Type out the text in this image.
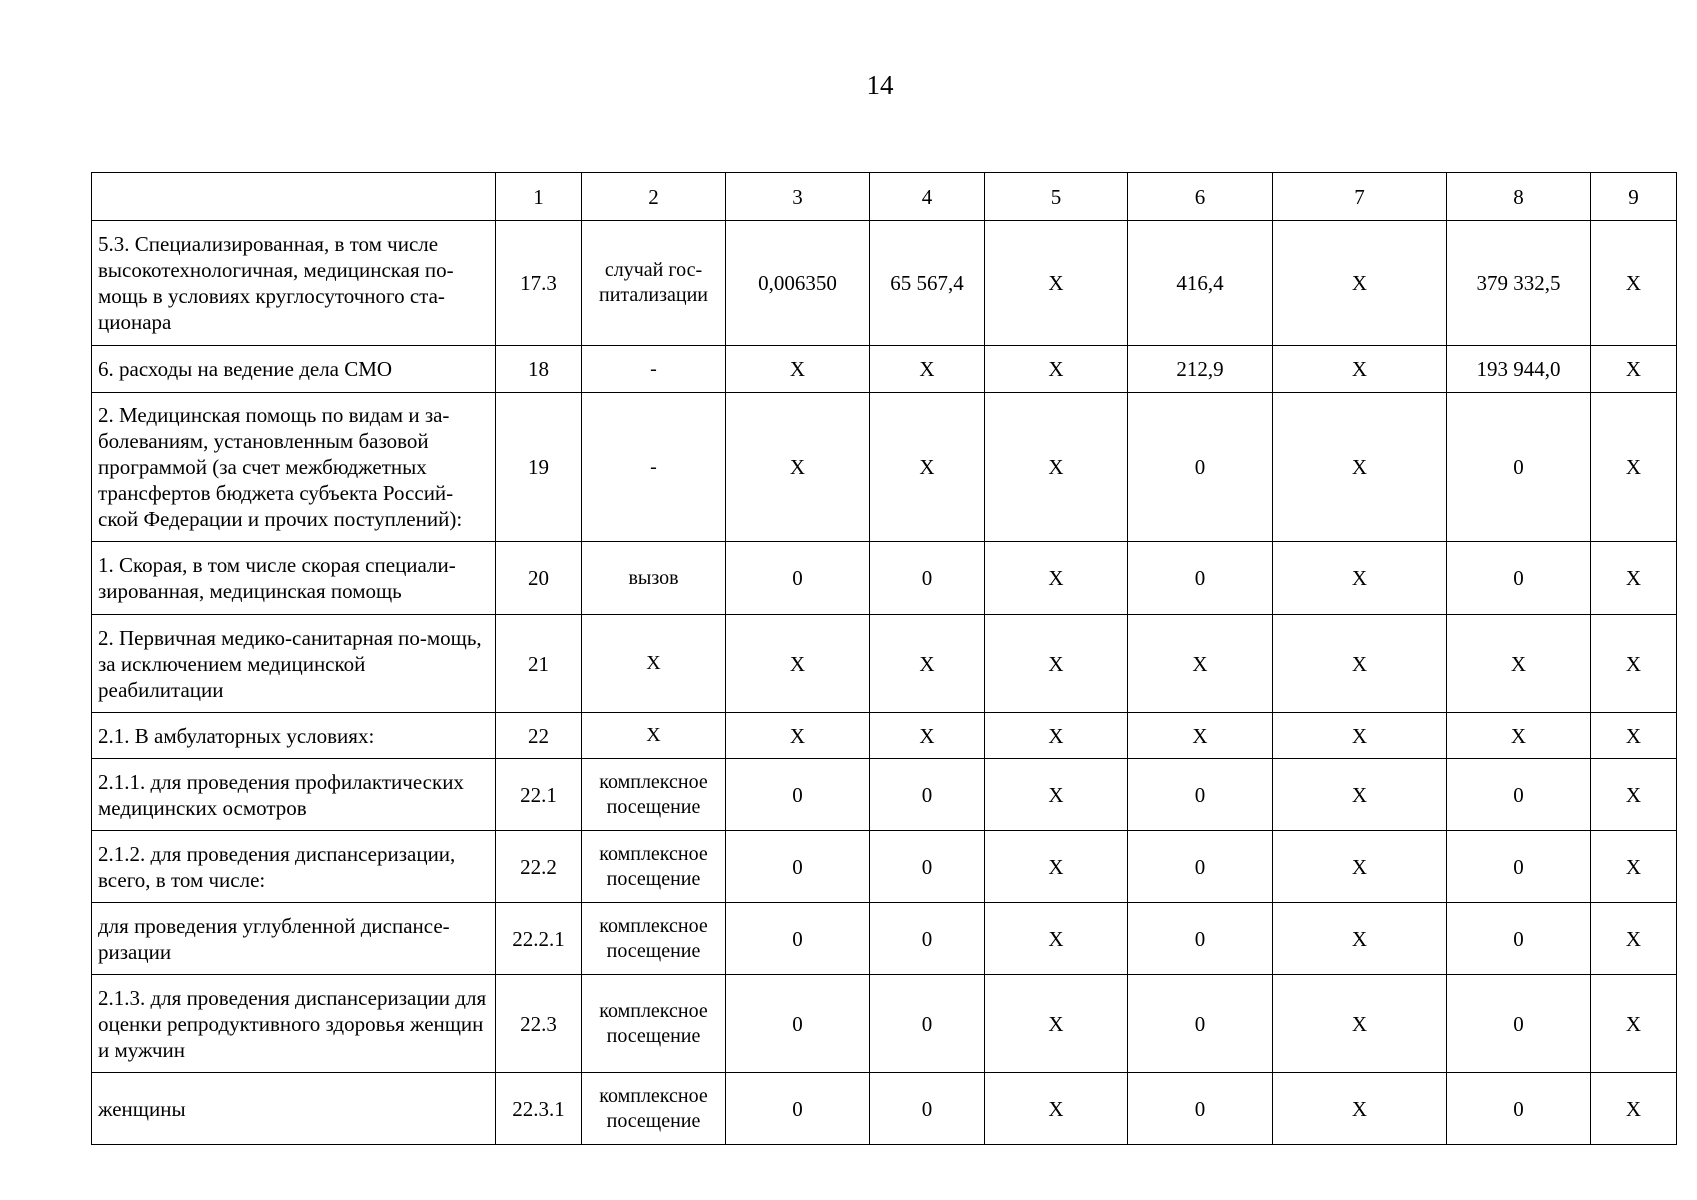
14
	1	2	3	4	5	6	7	8	9
5.3. Специализированная, в том числе высокотехнологичная, медицинская по-мощь в условиях круглосуточного ста-ционара	17.3	случай гос-питализации	0,006350	65 567,4	Х	416,4	Х	379 332,5	Х
6. расходы на ведение дела СМО	18	-	Х	Х	Х	212,9	Х	193 944,0	Х
2. Медицинская помощь по видам и за-болеваниям, установленным базовой программой (за счет межбюджетных трансфертов бюджета субъекта Россий-ской Федерации и прочих поступлений):	19	-	Х	Х	Х	0	Х	0	Х
1. Скорая, в том числе скорая специали-зированная, медицинская помощь	20	вызов	0	0	Х	0	Х	0	Х
2. Первичная медико-санитарная по-мощь, за исключением медицинской реабилитации	21	Х	Х	Х	Х	Х	Х	Х	Х
2.1. В амбулаторных условиях:	22	Х	Х	Х	Х	Х	Х	Х	Х
2.1.1. для проведения профилактических медицинских осмотров	22.1	комплексное посещение	0	0	Х	0	Х	0	Х
2.1.2. для проведения диспансеризации, всего, в том числе:	22.2	комплексное посещение	0	0	Х	0	Х	0	Х
для проведения углубленной диспансе-ризации	22.2.1	комплексное посещение	0	0	Х	0	Х	0	Х
2.1.3. для проведения диспансеризации для оценки репродуктивного здоровья женщин и мужчин	22.3	комплексное посещение	0	0	Х	0	Х	0	Х
женщины	22.3.1	комплексное посещение	0	0	Х	0	Х	0	Х
